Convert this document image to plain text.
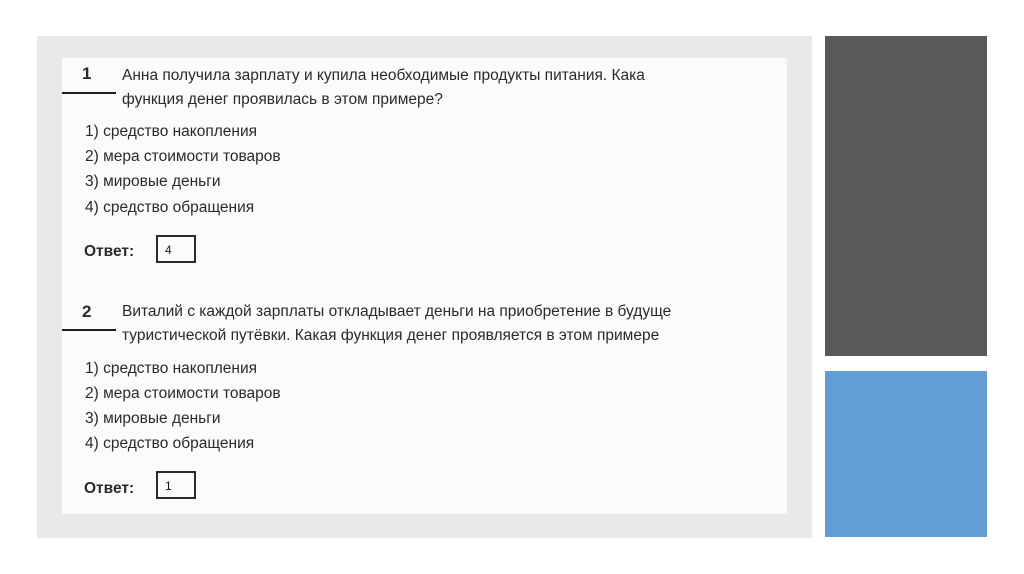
1 Анна получила зарплату и купила необходимые продукты питания. Кака
функция денег проявилась в этом примере?
1) средство накопления
2) мера стоимости товаров
3) мировые деньги
4) средство обращения
Ответ:	4
2 Виталий с каждой зарплаты откладывает деньги на приобретение в будуще
туристической путёвки. Какая функция денег проявляется в этом примере
1) средство накопления
2) мера стоимости товаров
3) мировые деньги
4) средство обращения
Ответ:	1
